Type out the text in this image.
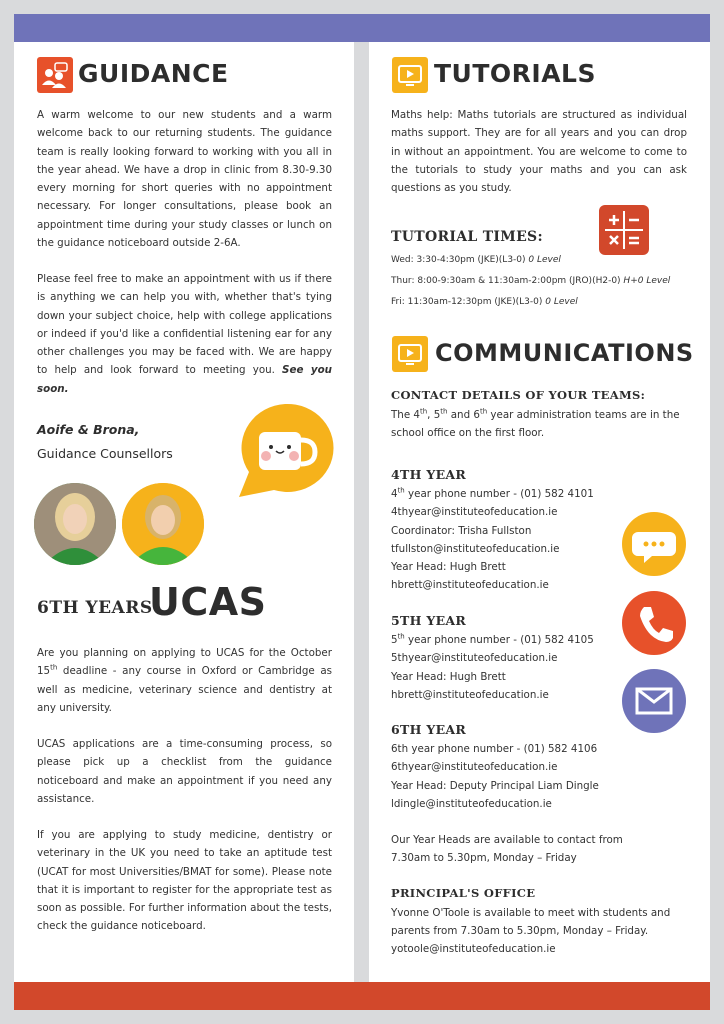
GUIDANCE
A warm welcome to our new students and a warm welcome back to our returning students. The guidance team is really looking forward to working with you all in the year ahead. We have a drop in clinic from 8.30-9.30 every morning for short queries with no appointment necessary. For longer consultations, please book an appointment time during your study classes or lunch on the guidance noticeboard outside 2-6A.
Please feel free to make an appointment with us if there is anything we can help you with, whether that's tying down your subject choice, help with college applications or indeed if you'd like a confidential listening ear for any other challenges you may be faced with. We are happy to help and look forward to meeting you. See you soon.
Aoife & Brona,
Guidance Counsellors
6TH YEARS
UCAS
Are you planning on applying to UCAS for the October 15th deadline - any course in Oxford or Cambridge as well as medicine, veterinary science and dentistry at any university.
UCAS applications are a time-consuming process, so please pick up a checklist from the guidance noticeboard and make an appointment if you need any assistance.
If you are applying to study medicine, dentistry or veterinary in the UK you need to take an aptitude test (UCAT for most Universities/BMAT for some). Please note that it is important to register for the appropriate test as soon as possible. For further information about the tests, check the guidance noticeboard.
TUTORIALS
Maths help: Maths tutorials are structured as individual maths support. They are for all years and you can drop in without an appointment. You are welcome to come to the tutorials to study your maths and you can ask questions as you study.
TUTORIAL TIMES:
Wed: 3:30-4:30pm (JKE)(L3-0) 0 Level
Thur: 8:00-9:30am & 11:30am-2:00pm (JRO)(H2-0) H+0 Level
Fri: 11:30am-12:30pm (JKE)(L3-0) 0 Level
COMMUNICATIONS
CONTACT DETAILS OF YOUR TEAMS:
The 4th, 5th and 6th year administration teams are in the school office on the first floor.
4TH YEAR
4th year phone number - (01) 582 4101
4thyear@instituteofeducation.ie
Coordinator: Trisha Fullston
tfullston@instituteofeducation.ie
Year Head: Hugh Brett
hbrett@instituteofeducation.ie
5TH YEAR
5th year phone number - (01) 582 4105
5thyear@instituteofeducation.ie
Year Head: Hugh Brett
hbrett@instituteofeducation.ie
6TH YEAR
6th year phone number - (01) 582 4106
6thyear@instituteofeducation.ie
Year Head: Deputy Principal Liam Dingle
ldingle@instituteofeducation.ie
Our Year Heads are available to contact from 7.30am to 5.30pm, Monday – Friday
PRINCIPAL'S OFFICE
Yvonne O'Toole is available to meet with students and parents from 7.30am to 5.30pm, Monday – Friday.
yotoole@instituteofeducation.ie
